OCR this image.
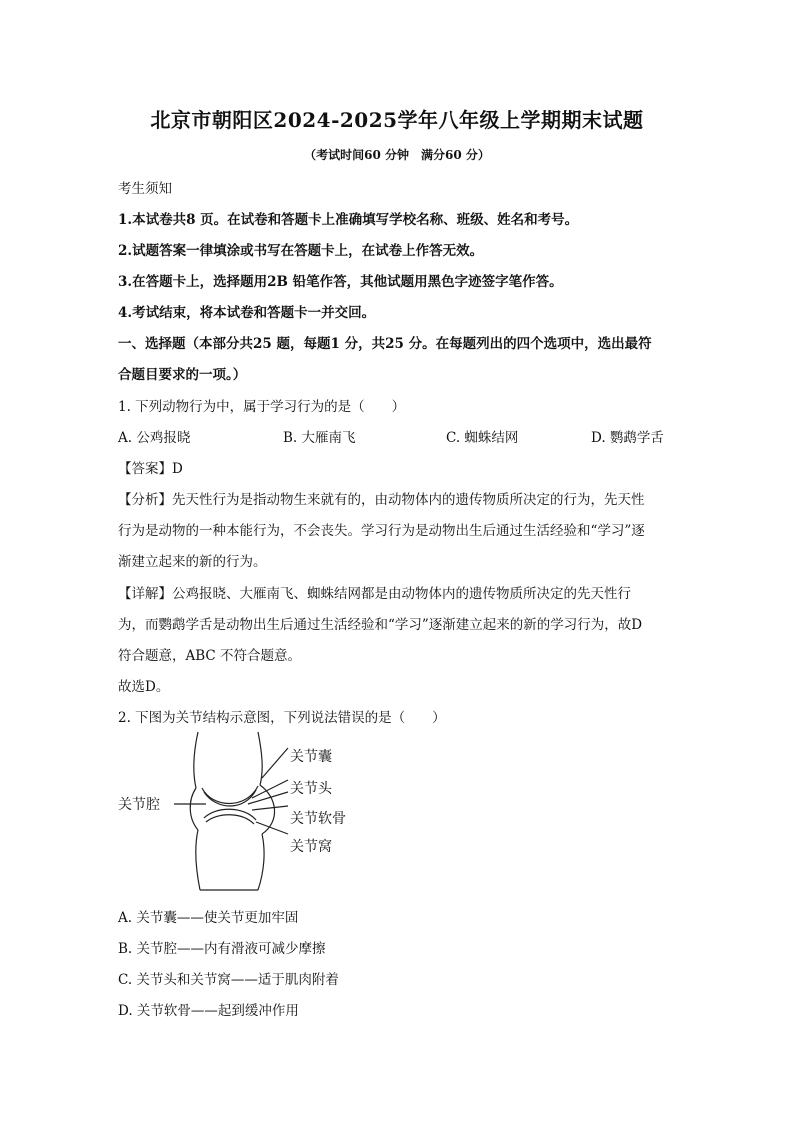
北京市朝阳区2024-2025学年八年级上学期期末试题
（考试时间60 分钟　满分60 分）
考生须知
1.本试卷共8 页。在试卷和答题卡上准确填写学校名称、班级、姓名和考号。
2.试题答案一律填涂或书写在答题卡上，在试卷上作答无效。
3.在答题卡上，选择题用2B 铅笔作答，其他试题用黑色字迹签字笔作答。
4.考试结束，将本试卷和答题卡一并交回。
一、选择题（本部分共25 题，每题1 分，共25 分。在每题列出的四个选项中，选出最符
合题目要求的一项。）
1. 下列动物行为中，属于学习行为的是（　　）
A. 公鸡报晓	B. 大雁南飞	C. 蜘蛛结网	D. 鹦鹉学舌
【答案】D
【分析】先天性行为是指动物生来就有的，由动物体内的遗传物质所决定的行为，先天性
行为是动物的一种本能行为，不会丧失。学习行为是动物出生后通过生活经验和“学习”逐
渐建立起来的新的行为。
【详解】公鸡报晓、大雁南飞、蜘蛛结网都是由动物体内的遗传物质所决定的先天性行
为，而鹦鹉学舌是动物出生后通过生活经验和“学习”逐渐建立起来的新的学习行为，故D
符合题意，ABC 不符合题意。
故选D。
2. 下图为关节结构示意图，下列说法错误的是（　　）
关节囊
关节头
关节腔
关节软骨
关节窝
A. 关节囊——使关节更加牢固
B. 关节腔——内有滑液可减少摩擦
C. 关节头和关节窝——适于肌肉附着
D. 关节软骨——起到缓冲作用
